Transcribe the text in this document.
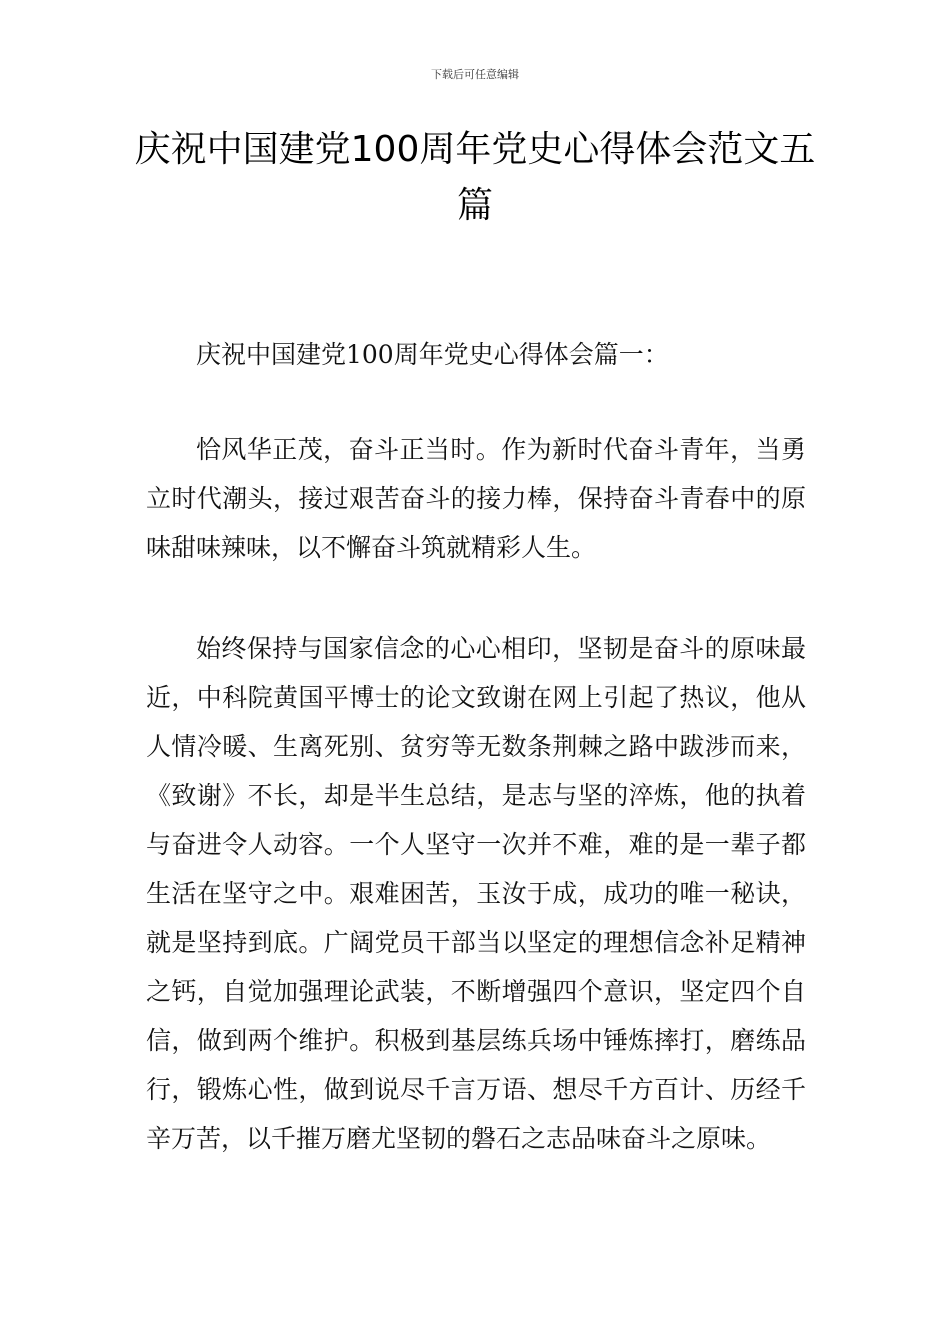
下载后可任意编辑
庆祝中国建党100周年党史心得体会范文五篇

庆祝中国建党100周年党史心得体会篇一：

恰风华正茂，奋斗正当时。作为新时代奋斗青年，当勇立时代潮头，接过艰苦奋斗的接力棒，保持奋斗青春中的原味甜味辣味，以不懈奋斗筑就精彩人生。

始终保持与国家信念的心心相印，坚韧是奋斗的原味最近，中科院黄国平博士的论文致谢在网上引起了热议，他从人情冷暖、生离死别、贫穷等无数条荆棘之路中跋涉而来，《致谢》不长，却是半生总结，是志与坚的淬炼，他的执着与奋进令人动容。一个人坚守一次并不难，难的是一辈子都生活在坚守之中。艰难困苦，玉汝于成，成功的唯一秘诀，就是坚持到底。广阔党员干部当以坚定的理想信念补足精神之钙，自觉加强理论武装，不断增强四个意识，坚定四个自信，做到两个维护。积极到基层练兵场中锤炼摔打，磨练品行，锻炼心性，做到说尽千言万语、想尽千方百计、历经千辛万苦，以千摧万磨尤坚韧的磐石之志品味奋斗之原味。
